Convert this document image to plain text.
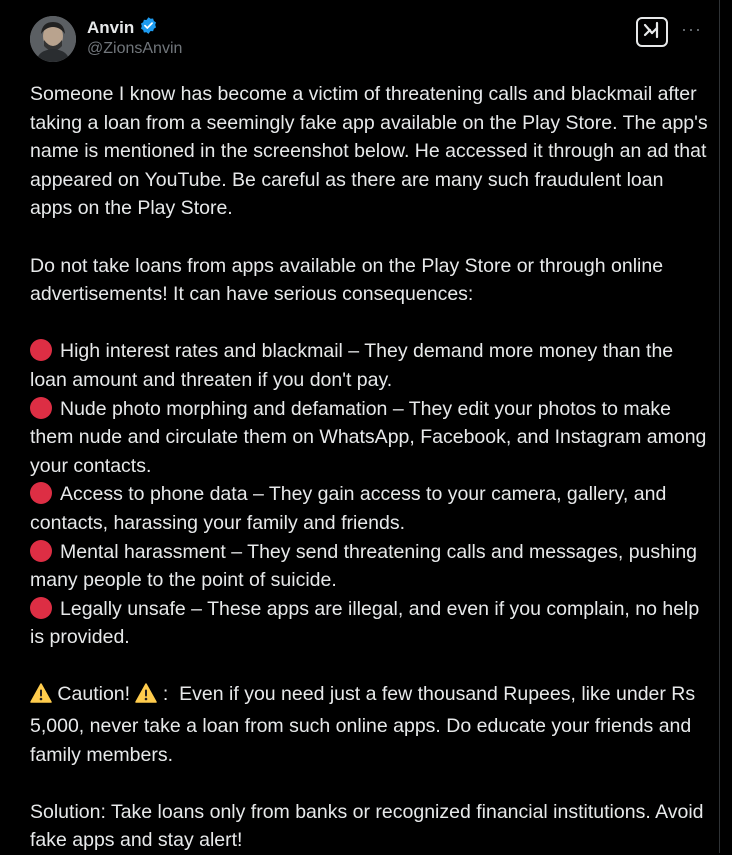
Anvin
@ZionsAnvin
···

Someone I know has become a victim of threatening calls and blackmail after taking a loan from a seemingly fake app available on the Play Store. The app's name is mentioned in the screenshot below. He accessed it through an ad that appeared on YouTube. Be careful as there are many such fraudulent loan apps on the Play Store.

Do not take loans from apps available on the Play Store or through online advertisements! It can have serious consequences:

High interest rates and blackmail – They demand more money than the loan amount and threaten if you don't pay.

Nude photo morphing and defamation – They edit your photos to make them nude and circulate them on WhatsApp, Facebook, and Instagram among your contacts.

Access to phone data – They gain access to your camera, gallery, and contacts, harassing your family and friends.

Mental harassment – They send threatening calls and messages, pushing many people to the point of suicide.

Legally unsafe – These apps are illegal, and even if you complain, no help is provided.

Caution!  :  Even if you need just a few thousand Rupees, like under Rs 5,000, never take a loan from such online apps. Do educate your friends and family members.

Solution: Take loans only from banks or recognized financial institutions. Avoid fake apps and stay alert!
